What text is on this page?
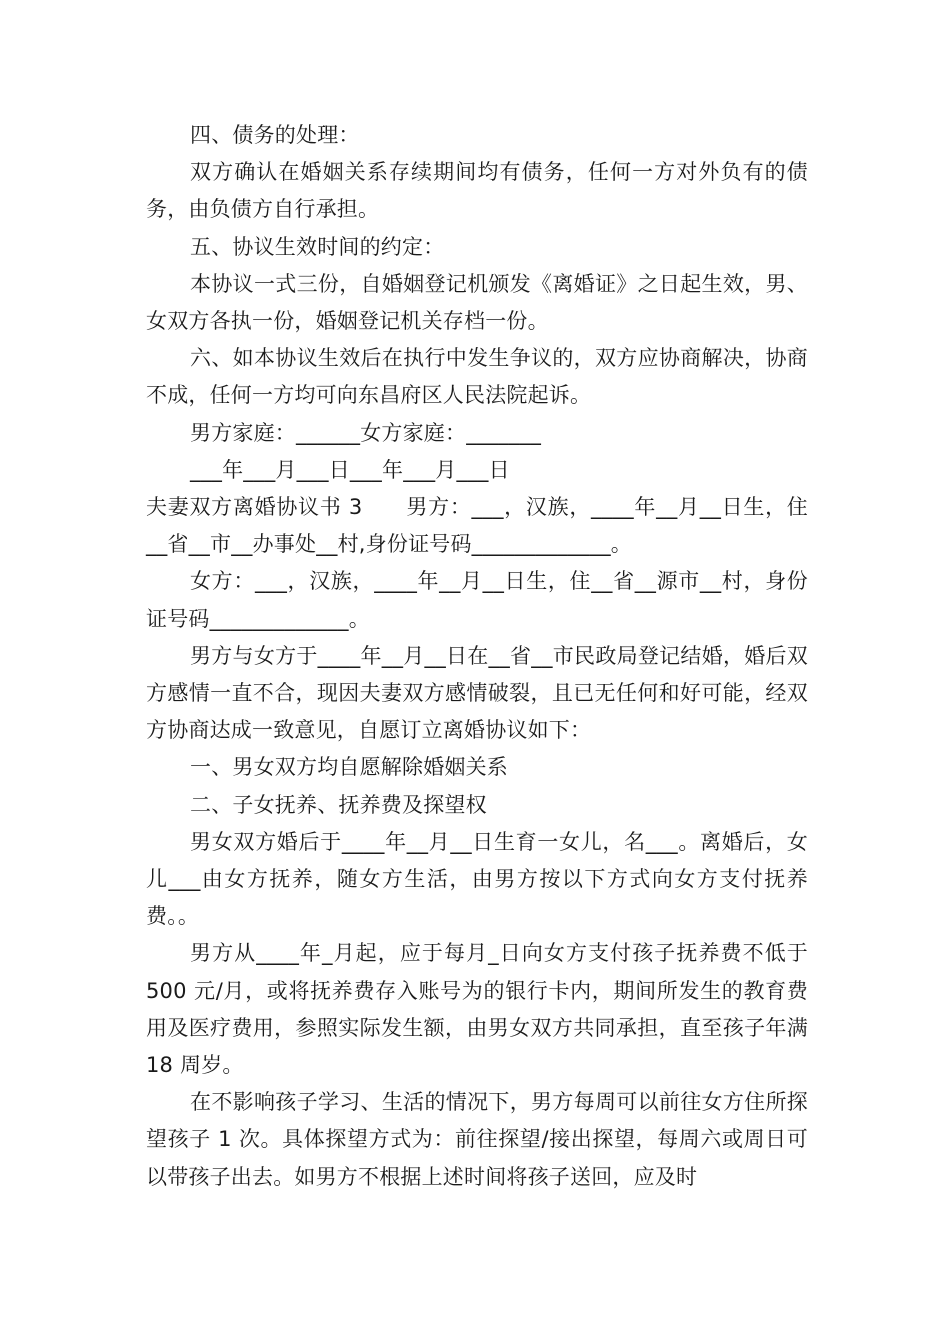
四、债务的处理：

双方确认在婚姻关系存续期间均有债务，任何一方对外负有的债务，由负债方自行承担。

五、协议生效时间的约定：

本协议一式三份，自婚姻登记机颁发《离婚证》之日起生效，男、女双方各执一份，婚姻登记机关存档一份。

六、如本协议生效后在执行中发生争议的，双方应协商解决，协商不成，任何一方均可向东昌府区人民法院起诉。

男方家庭：______女方家庭：_______

___年___月___日___年___月___日

夫妻双方离婚协议书 3　　男方：___，汉族，____年__月__日生，住__省__市__办事处__村,身份证号码_____________。

女方：___，汉族，____年__月__日生，住__省__源市__村，身份证号码_____________。

男方与女方于____年__月__日在__省__市民政局登记结婚，婚后双方感情一直不合，现因夫妻双方感情破裂，且已无任何和好可能，经双方协商达成一致意见，自愿订立离婚协议如下：

一、男女双方均自愿解除婚姻关系

二、子女抚养、抚养费及探望权

男女双方婚后于____年__月__日生育一女儿，名___。离婚后，女儿___由女方抚养，随女方生活，由男方按以下方式向女方支付抚养费。。

男方从____年_月起，应于每月_日向女方支付孩子抚养费不低于 500 元/月，或将抚养费存入账号为的银行卡内，期间所发生的教育费用及医疗费用，参照实际发生额，由男女双方共同承担，直至孩子年满 18 周岁。

在不影响孩子学习、生活的情况下，男方每周可以前往女方住所探望孩子 1 次。具体探望方式为：前往探望/接出探望，每周六或周日可以带孩子出去。如男方不根据上述时间将孩子送回，应及时
